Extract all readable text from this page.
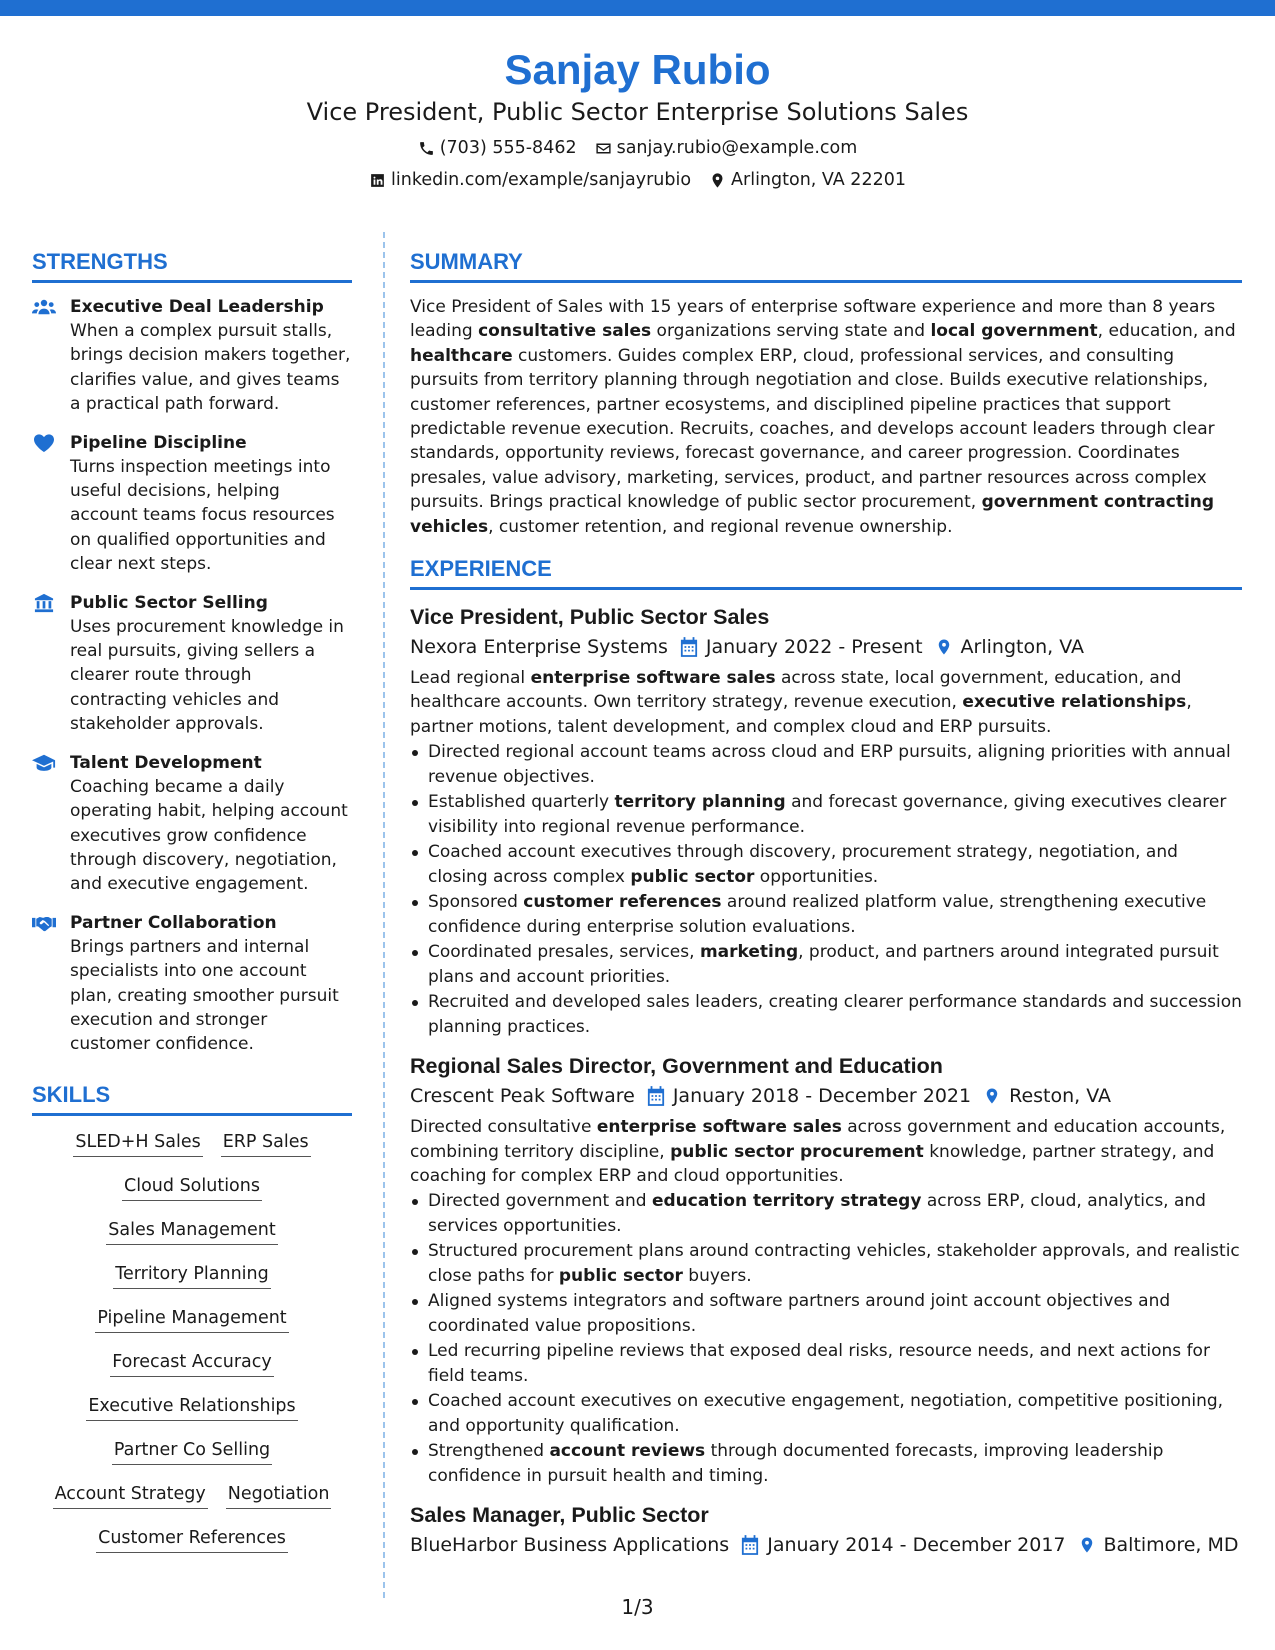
Sanjay Rubio
Vice President, Public Sector Enterprise Solutions Sales
(703) 555-8462 sanjay.rubio@example.com
linkedin.com/example/sanjayrubio Arlington, VA 22201
STRENGTHS
Executive Deal Leadership
When a complex pursuit stalls, brings decision makers together, clarifies value, and gives teams a practical path forward.
Pipeline Discipline
Turns inspection meetings into useful decisions, helping account teams focus resources on qualified opportunities and clear next steps.
Public Sector Selling
Uses procurement knowledge in real pursuits, giving sellers a clearer route through contracting vehicles and stakeholder approvals.
Talent Development
Coaching became a daily operating habit, helping account executives grow confidence through discovery, negotiation, and executive engagement.
Partner Collaboration
Brings partners and internal specialists into one account plan, creating smoother pursuit execution and stronger customer confidence.
SKILLS
SLED+H Sales ERP Sales
Cloud Solutions
Sales Management
Territory Planning
Pipeline Management
Forecast Accuracy
Executive Relationships
Partner Co Selling
Account Strategy Negotiation
Customer References
SUMMARY
Vice President of Sales with 15 years of enterprise software experience and more than 8 years leading consultative sales organizations serving state and local government, education, and healthcare customers. Guides complex ERP, cloud, professional services, and consulting pursuits from territory planning through negotiation and close. Builds executive relationships, customer references, partner ecosystems, and disciplined pipeline practices that support predictable revenue execution. Recruits, coaches, and develops account leaders through clear standards, opportunity reviews, forecast governance, and career progression. Coordinates presales, value advisory, marketing, services, product, and partner resources across complex pursuits. Brings practical knowledge of public sector procurement, government contracting vehicles, customer retention, and regional revenue ownership.
EXPERIENCE
Vice President, Public Sector Sales
Nexora Enterprise Systems January 2022 - Present Arlington, VA
Lead regional enterprise software sales across state, local government, education, and healthcare accounts. Own territory strategy, revenue execution, executive relationships, partner motions, talent development, and complex cloud and ERP pursuits.
Directed regional account teams across cloud and ERP pursuits, aligning priorities with annual revenue objectives.
Established quarterly territory planning and forecast governance, giving executives clearer visibility into regional revenue performance.
Coached account executives through discovery, procurement strategy, negotiation, and closing across complex public sector opportunities.
Sponsored customer references around realized platform value, strengthening executive confidence during enterprise solution evaluations.
Coordinated presales, services, marketing, product, and partners around integrated pursuit plans and account priorities.
Recruited and developed sales leaders, creating clearer performance standards and succession planning practices.
Regional Sales Director, Government and Education
Crescent Peak Software January 2018 - December 2021 Reston, VA
Directed consultative enterprise software sales across government and education accounts, combining territory discipline, public sector procurement knowledge, partner strategy, and coaching for complex ERP and cloud opportunities.
Directed government and education territory strategy across ERP, cloud, analytics, and services opportunities.
Structured procurement plans around contracting vehicles, stakeholder approvals, and realistic close paths for public sector buyers.
Aligned systems integrators and software partners around joint account objectives and coordinated value propositions.
Led recurring pipeline reviews that exposed deal risks, resource needs, and next actions for field teams.
Coached account executives on executive engagement, negotiation, competitive positioning, and opportunity qualification.
Strengthened account reviews through documented forecasts, improving leadership confidence in pursuit health and timing.
Sales Manager, Public Sector
BlueHarbor Business Applications January 2014 - December 2017 Baltimore, MD
1/3
